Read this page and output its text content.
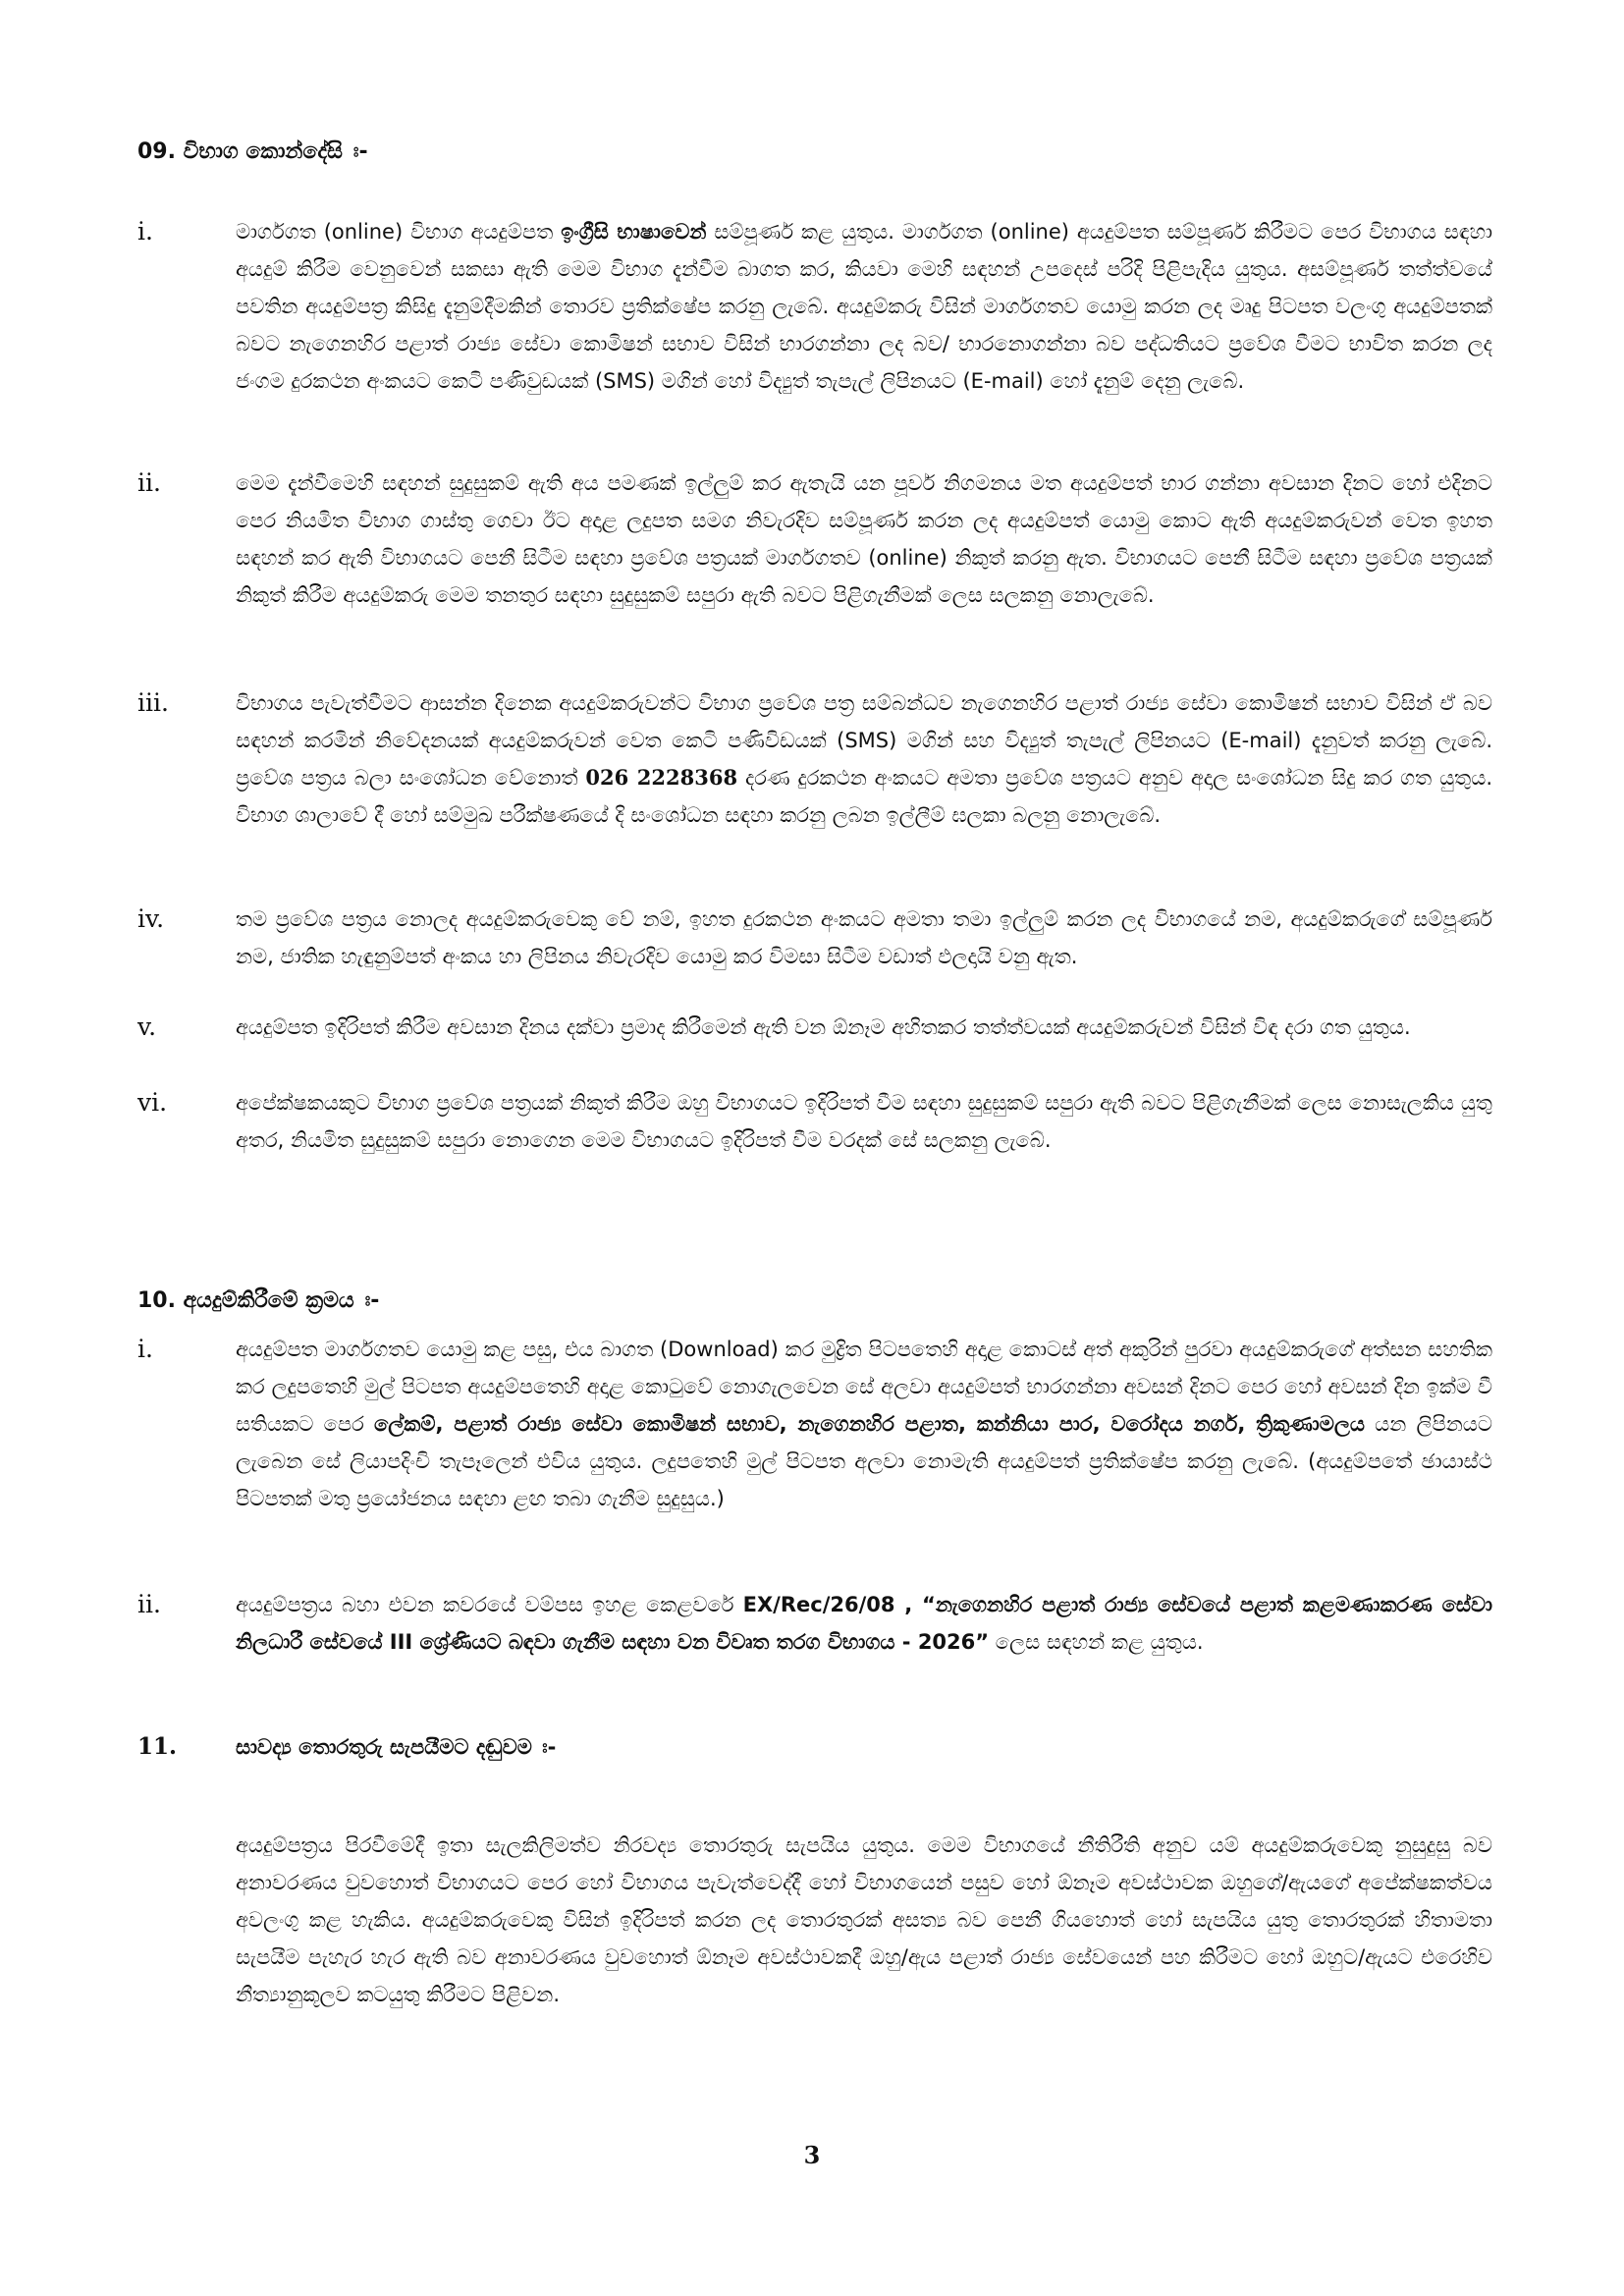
09. විභාග කොන්දේසි ඃ-
i.	මාර්ගගත (online) විභාග අයදුම්පත ඉංග්‍රීසි භාෂාවෙන් සම්පූර්ණ කළ යුතුය. මාර්ගගත (online) අයදුම්පත සම්පූර්ණ කිරීමට පෙර විභාගය සඳහා අයදුම් කිරීම වෙනුවෙන් සකසා ඇති මෙම විභාග දැන්වීම බාගත කර, කියවා මෙහි සඳහන් උපදෙස් පරිදි පිළිපැදිය යුතුය. අසම්පූර්ණ තත්ත්වයේ පවතින අයදුම්පත්‍ර කිසිදු දැනුම්දීමකින් තොරව ප්‍රතික්ෂේප කරනු ලැබේ. අයදුම්කරු විසින් මාර්ගගතව යොමු කරන ලද මෘදු පිටපත වලංගු අයදුම්පතක් බවට නැගෙනහිර පළාත් රාජ්‍ය සේවා කොමිෂන් සභාව විසින් භාරගන්නා ලද බව/ භාරනොගන්නා බව පද්ධතියට ප්‍රවේශ වීමට භාවිත කරන ලද ජංගම දුරකථන අංකයට කෙටි පණිවුඩයක් (SMS) මගින් හෝ විද්‍යුත් තැපැල් ලිපිනයට (E-mail) හෝ දැනුම් දෙනු ලැබේ.
ii.	මෙම දැන්වීමෙහි සඳහන් සුදුසුකම් ඇති අය පමණක් ඉල්ලුම් කර ඇතැයි යන පූර්ව නිගමනය මත අයදුම්පත් භාර ගන්නා අවසාන දිනට හෝ එදිනට පෙර නියමිත විභාග ගාස්තු ගෙවා ඊට අදාළ ලදුපත සමග නිවැරදිව සම්පූර්ණ කරන ලද අයදුම්පත් යොමු කොට ඇති අයදුම්කරුවන් වෙත ඉහත සඳහන් කර ඇති විභාගයට පෙනී සිටීම සඳහා ප්‍රවේශ පත්‍රයක් මාර්ගගතව (online) නිකුත් කරනු ඇත. විභාගයට පෙනී සිටීම සඳහා ප්‍රවේශ පත්‍රයක් නිකුත් කිරීම අයදුම්කරු මෙම තනතුර සඳහා සුදුසුකම් සපුරා ඇති බවට පිළිගැනීමක් ලෙස සලකනු නොලැබේ.
iii.	විභාගය පැවැත්වීමට ආසන්න දිනෙක අයදුම්කරුවන්ට විභාග ප්‍රවේශ පත්‍ර සම්බන්ධව නැගෙනහිර පළාත් රාජ්‍ය සේවා කොමිෂන් සභාව විසින් ඒ බව සඳහන් කරමින් නිවේදනයක් අයදුම්කරුවන් වෙත කෙටි පණිවිඩයක් (SMS) මගින් සහ විද්‍යුත් තැපැල් ලිපිනයට (E-mail) දැනුවත් කරනු ලැබේ. ප්‍රවේශ පත්‍රය බලා සංශෝධන වේනොත් 026 2228368 දරණ දුරකථන අංකයට අමතා ප්‍රවේශ පත්‍රයට අනුව අදාල සංශෝධන සිදු කර ගත යුතුය. විභාග ශාලාවේ දී හෝ සම්මුඛ පරීක්ෂණයේ දි සංශෝධන සඳහා කරනු ලබන ඉල්ලීම් ඝලකා බලනු නොලැබේ.
iv.	තම ප්‍රවේශ පත්‍රය නොලද අයදුම්කරුවෙකු වේ නම්, ඉහත දුරකථන අංකයට අමතා තමා ඉල්ලුම් කරන ලද විභාගයේ නම, අයදුම්කරුගේ සම්පූර්ණ නම, ජාතික හැඳුනුම්පත් අංකය හා ලිපිනය නිවැරදිව යොමු කර විමසා සිටීම වඩාත් ඵලදායි වනු ඇත.
v.	අයදුම්පත ඉදිරිපත් කිරීම අවසාන දිනය දක්වා ප්‍රමාද කිරීමෙන් ඇති වන ඕනෑම අහිතකර තත්ත්වයක් අයදුම්කරුවන් විසින් විඳ දරා ගත යුතුය.
vi.	අපේක්ෂකයකුට විභාග ප්‍රවේශ පත්‍රයක් නිකුත් කිරීම ඔහු විභාගයට ඉදිරිපත් වීම සඳහා සුදුසුකම් සපුරා ඇති බවට පිළිගැනීමක් ලෙස නොසැලකිය යුතු අතර, නියමිත සුදුසුකම් සපුරා නොගෙන මෙම විභාගයට ඉදිරිපත් වීම වරදක් සේ සලකනු ලැබේ.
10. අයදුම්කිරීමේ ක්‍රමය ඃ-
i.	අයදුම්පත මාර්ගගතව යොමු කළ පසු, එය බාගත (Download) කර මුද්‍රිත පිටපතෙහි අදාළ කොටස් අත් අකුරින් පුරවා අයදුම්කරුගේ අත්සන සහතික කර ලදුපතෙහි මුල් පිටපත අයදුම්පතෙහි අදාළ කොටුවේ නොගැලවෙන සේ අලවා අයදුම්පත් භාරගන්නා අවසන් දිනට පෙර හෝ අවසන් දින ඉක්ම වී සතියකට පෙර ලේකම්, පළාත් රාජ්‍ය සේවා කොමිෂන් සභාව, නැගෙනහිර පළාත, කන්නියා පාර, වරෝදය නගර්, ත්‍රිකුණාමලය යන ලිපිනයට ලැබෙන සේ ලියාපදිංචි තැපෑලෙන් එවිය යුතුය. ලදුපතෙහි මුල් පිටපත අලවා නොමැති අයදුම්පත් ප්‍රතික්ෂේප කරනු ලැබේ. (අයදුම්පතේ ඡායාස්ථ පිටපතක් මතු ප්‍රයෝජනය සඳහා ළඟ තබා ගැනීම සුදුසුය.)
ii.	අයදුම්පත්‍රය බහා එවන කවරයේ වම්පස ඉහළ කෙළවරේ EX/Rec/26/08 , “නැගෙනහිර පළාත් රාජ්‍ය සේවයේ පළාත් කළමණාකරණ සේවා නිලධාරී සේවයේ III ශ්‍රේණියට බඳවා ගැනීම සඳහා වන විවෘත තරග විභාගය - 2026” ලෙස සඳහන් කළ යුතුය.
11.	සාවද්‍ය තොරතුරු සැපයීමට දඬුවම ඃ-
අයදුම්පත්‍රය පිරවීමේදී ඉතා සැලකිලිමත්ව නිරවද්‍ය තොරතුරු සැපයිය යුතුය. මෙම විභාගයේ නීතිරීති අනුව යම් අයදුම්කරුවෙකු නුසුදුසු බව අනාවරණය වුවහොත් විභාගයට පෙර හෝ විභාගය පැවැත්වෙද්දී හෝ විභාගයෙන් පසුව හෝ ඕනෑම අවස්ථාවක ඔහුගේ/ඇයගේ අපේක්ෂකත්වය අවලංගු කළ හැකිය. අයදුම්කරුවෙකු විසින් ඉදිරිපත් කරන ලද තොරතුරක් අසත්‍ය බව පෙනී ගියහොත් හෝ සැපයිය යුතු තොරතුරක් හිතාමතා සැපයීම පැහැර හැර ඇති බව අනාවරණය වුවහොත් ඕනෑම අවස්ථාවකදී ඔහු/ඇය පළාත් රාජ්‍ය සේවයෙන් පහ කිරීමට හෝ ඔහුට/ඇයට එරෙහිව නීත්‍යානුකූලව කටයුතු කිරීමට පිළිවන.
3
